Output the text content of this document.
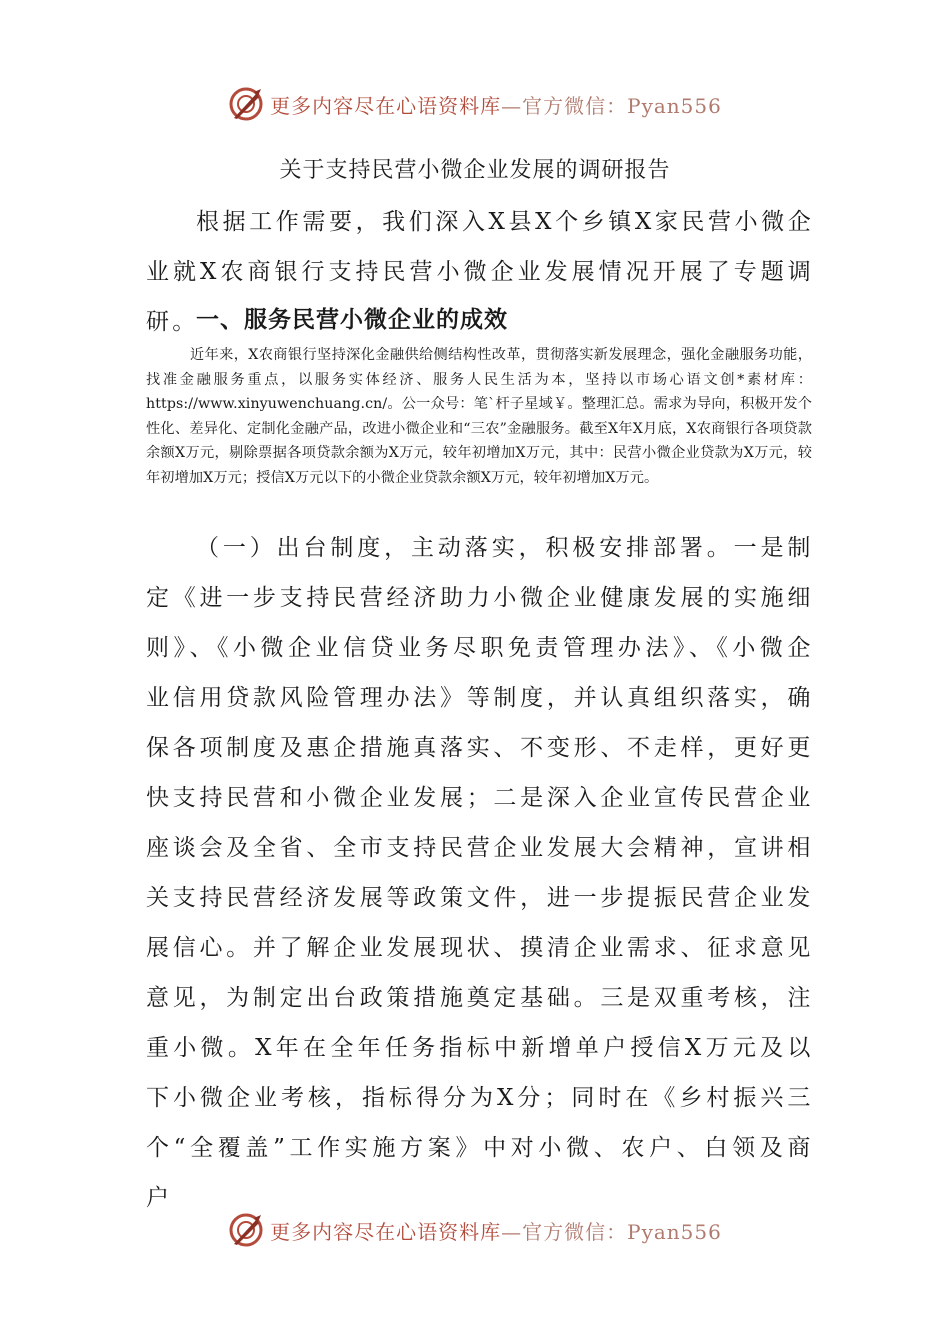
更多内容尽在心语资料库—官方微信：Pyan556
关于支持民营小微企业发展的调研报告

根据工作需要，我们深入X县X个乡镇X家民营小微企业就X农商银行支持民营小微企业发展情况开展了专题调研。

一、服务民营小微企业的成效

近年来，X农商银行坚持深化金融供给侧结构性改革，贯彻落实新发展理念，强化金融服务功能，找准金融服务重点，以服务实体经济、服务人民生活为本，坚持以市场心语文创*素材库：https://www.xinyuwenchuang.cn/。公一众号：笔`杆子星域￥。整理汇总。需求为导向，积极开发个性化、差异化、定制化金融产品，改进小微企业和“三农”金融服务。截至X年X月底，X农商银行各项贷款余额X万元，剔除票据各项贷款余额为X万元，较年初增加X万元，其中：民营小微企业贷款为X万元，较年初增加X万元；授信X万元以下的小微企业贷款余额X万元，较年初增加X万元。

（一）出台制度，主动落实，积极安排部署。一是制定《进一步支持民营经济助力小微企业健康发展的实施细则》、《小微企业信贷业务尽职免责管理办法》、《小微企业信用贷款风险管理办法》等制度，并认真组织落实，确保各项制度及惠企措施真落实、不变形、不走样，更好更快支持民营和小微企业发展；二是深入企业宣传民营企业座谈会及全省、全市支持民营企业发展大会精神，宣讲相关支持民营经济发展等政策文件，进一步提振民营企业发展信心。并了解企业发展现状、摸清企业需求、征求意见意见，为制定出台政策措施奠定基础。三是双重考核，注重小微。X年在全年任务指标中新增单户授信X万元及以下小微企业考核，指标得分为X分；同时在《乡村振兴三个“全覆盖”工作实施方案》中对小微、农户、白领及商户

更多内容尽在心语资料库—官方微信：Pyan556
